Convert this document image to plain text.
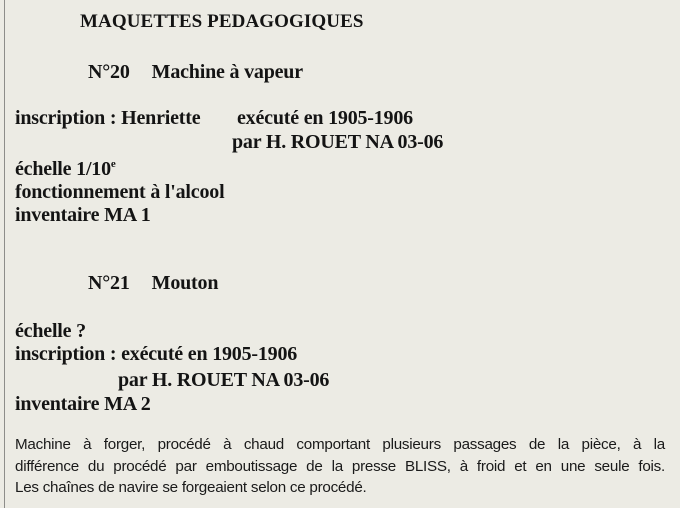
MAQUETTES PEDAGOGIQUES
N°20 Machine à vapeur
inscription : Henriette exécuté en 1905-1906
par H. ROUET NA 03-06
échelle 1/10e
fonctionnement à l'alcool
inventaire MA 1
N°21 Mouton
échelle ?
inscription : exécuté en 1905-1906
par H. ROUET NA 03-06
inventaire MA 2
Machine à forger, procédé à chaud comportant plusieurs passages de la pièce, à la
différence du procédé par emboutissage de la presse BLISS, à froid et en une seule fois.
Les chaînes de navire se forgeaient selon ce procédé.
